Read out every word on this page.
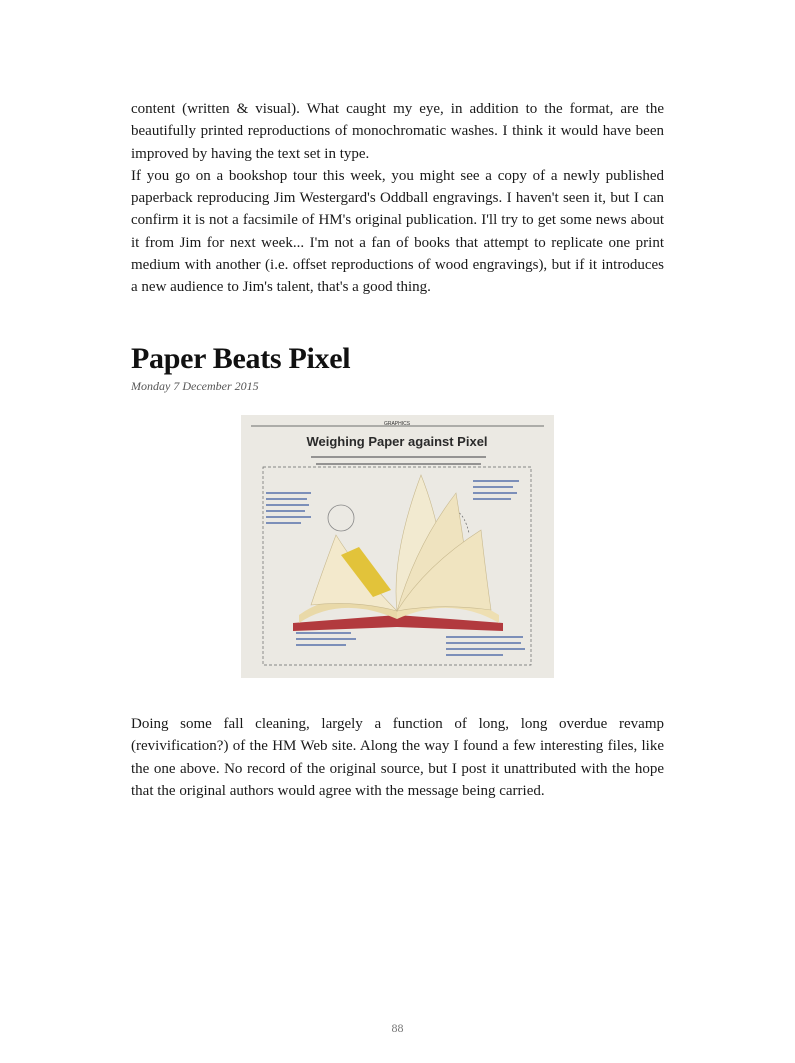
content (written & visual). What caught my eye, in addition to the format, are the beautifully printed reproductions of monochromatic washes. I think it would have been improved by having the text set in type.

If you go on a bookshop tour this week, you might see a copy of a newly published paperback reproducing Jim Westergard's Oddball engravings. I haven't seen it, but I can confirm it is not a facsimile of HM's original publication. I'll try to get some news about it from Jim for next week... I'm not a fan of books that attempt to replicate one print medium with another (i.e. offset reproductions of wood engravings), but if it introduces a new audience to Jim's talent, that's a good thing.

Paper Beats Pixel

Monday 7 December 2015

GRAPHICS
Weighing Paper against Pixel

Doing some fall cleaning, largely a function of long, long overdue revamp (revivification?) of the HM Web site. Along the way I found a few interesting files, like the one above. No record of the original source, but I post it unattributed with the hope that the original authors would agree with the message being carried.

88
